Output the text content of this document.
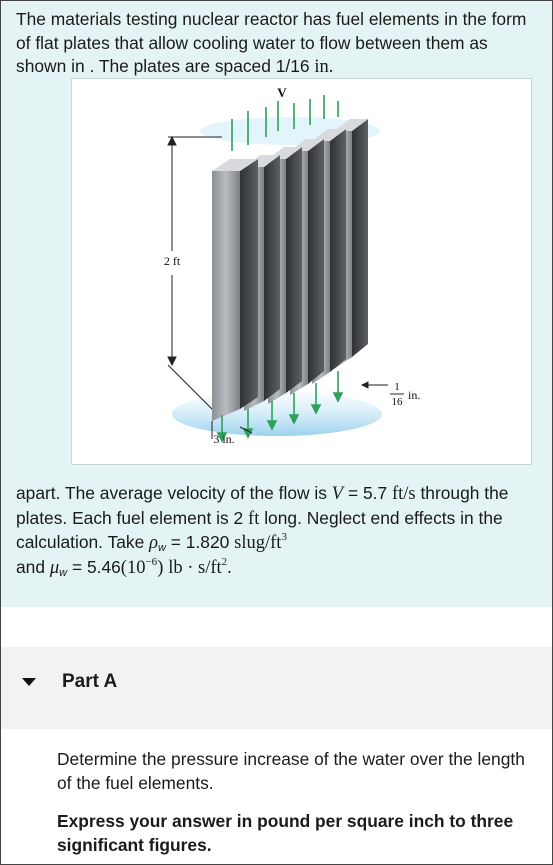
The materials testing nuclear reactor has fuel elements in the form of flat plates that allow cooling water to flow between them as shown in . The plates are spaced 1/16 in.

V
2 ft
3 in.
1
16 in.

apart. The average velocity of the flow is V = 5.7 ft/s through the plates. Each fuel element is 2 ft long. Neglect end effects in the calculation. Take $\rho_w = 1.820$ slug/$ft^3$
and $\mu_w = 5.46(10^{-6})$ lb · $s/ft^2$.

Part A

Determine the pressure increase of the water over the length of the fuel elements.

Express your answer in pound per square inch to three significant figures.
